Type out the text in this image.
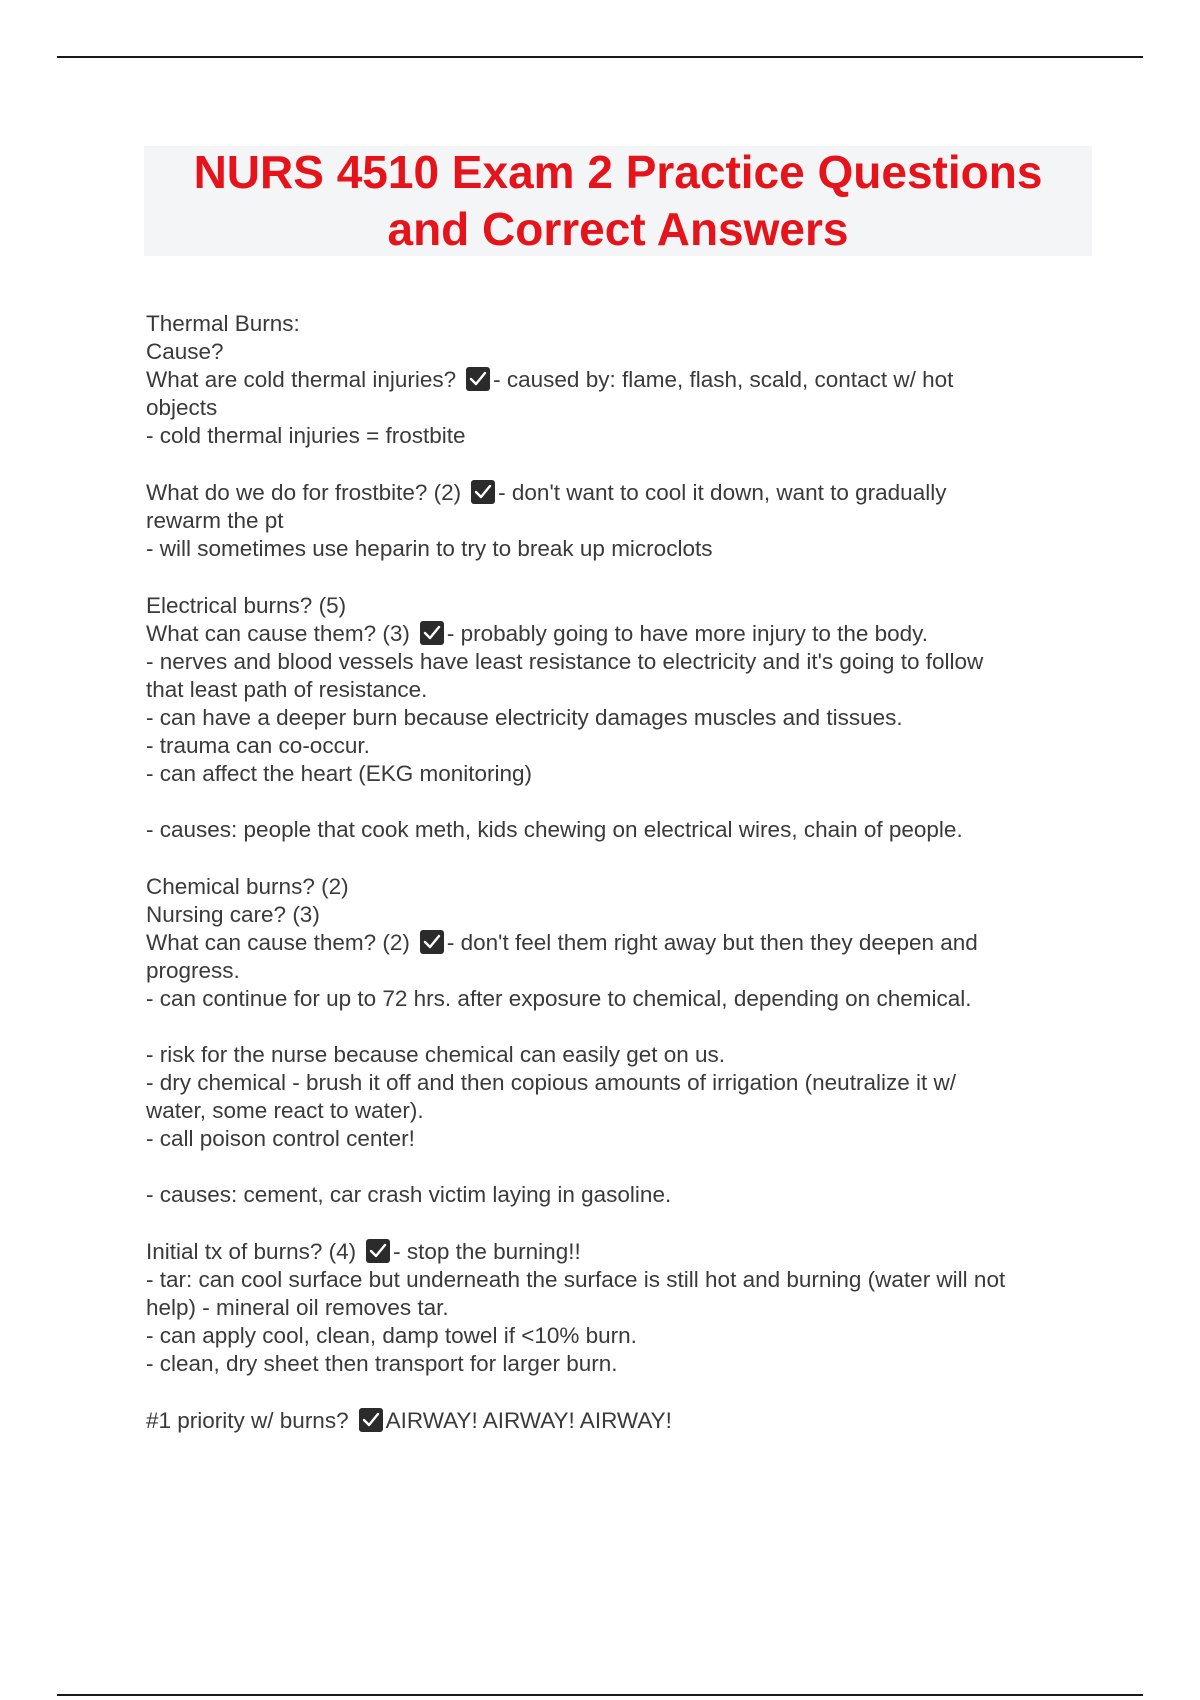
NURS 4510 Exam 2 Practice Questions
and Correct Answers
Thermal Burns:
Cause?
What are cold thermal injuries? - caused by: flame, flash, scald, contact w/ hot
objects
- cold thermal injuries = frostbite
What do we do for frostbite? (2) - don't want to cool it down, want to gradually
rewarm the pt
- will sometimes use heparin to try to break up microclots
Electrical burns? (5)
What can cause them? (3) - probably going to have more injury to the body.
- nerves and blood vessels have least resistance to electricity and it's going to follow
that least path of resistance.
- can have a deeper burn because electricity damages muscles and tissues.
- trauma can co-occur.
- can affect the heart (EKG monitoring)
- causes: people that cook meth, kids chewing on electrical wires, chain of people.
Chemical burns? (2)
Nursing care? (3)
What can cause them? (2) - don't feel them right away but then they deepen and
progress.
- can continue for up to 72 hrs. after exposure to chemical, depending on chemical.
- risk for the nurse because chemical can easily get on us.
- dry chemical - brush it off and then copious amounts of irrigation (neutralize it w/
water, some react to water).
- call poison control center!
- causes: cement, car crash victim laying in gasoline.
Initial tx of burns? (4) - stop the burning!!
- tar: can cool surface but underneath the surface is still hot and burning (water will not
help) - mineral oil removes tar.
- can apply cool, clean, damp towel if <10% burn.
- clean, dry sheet then transport for larger burn.
#1 priority w/ burns? AIRWAY! AIRWAY! AIRWAY!
